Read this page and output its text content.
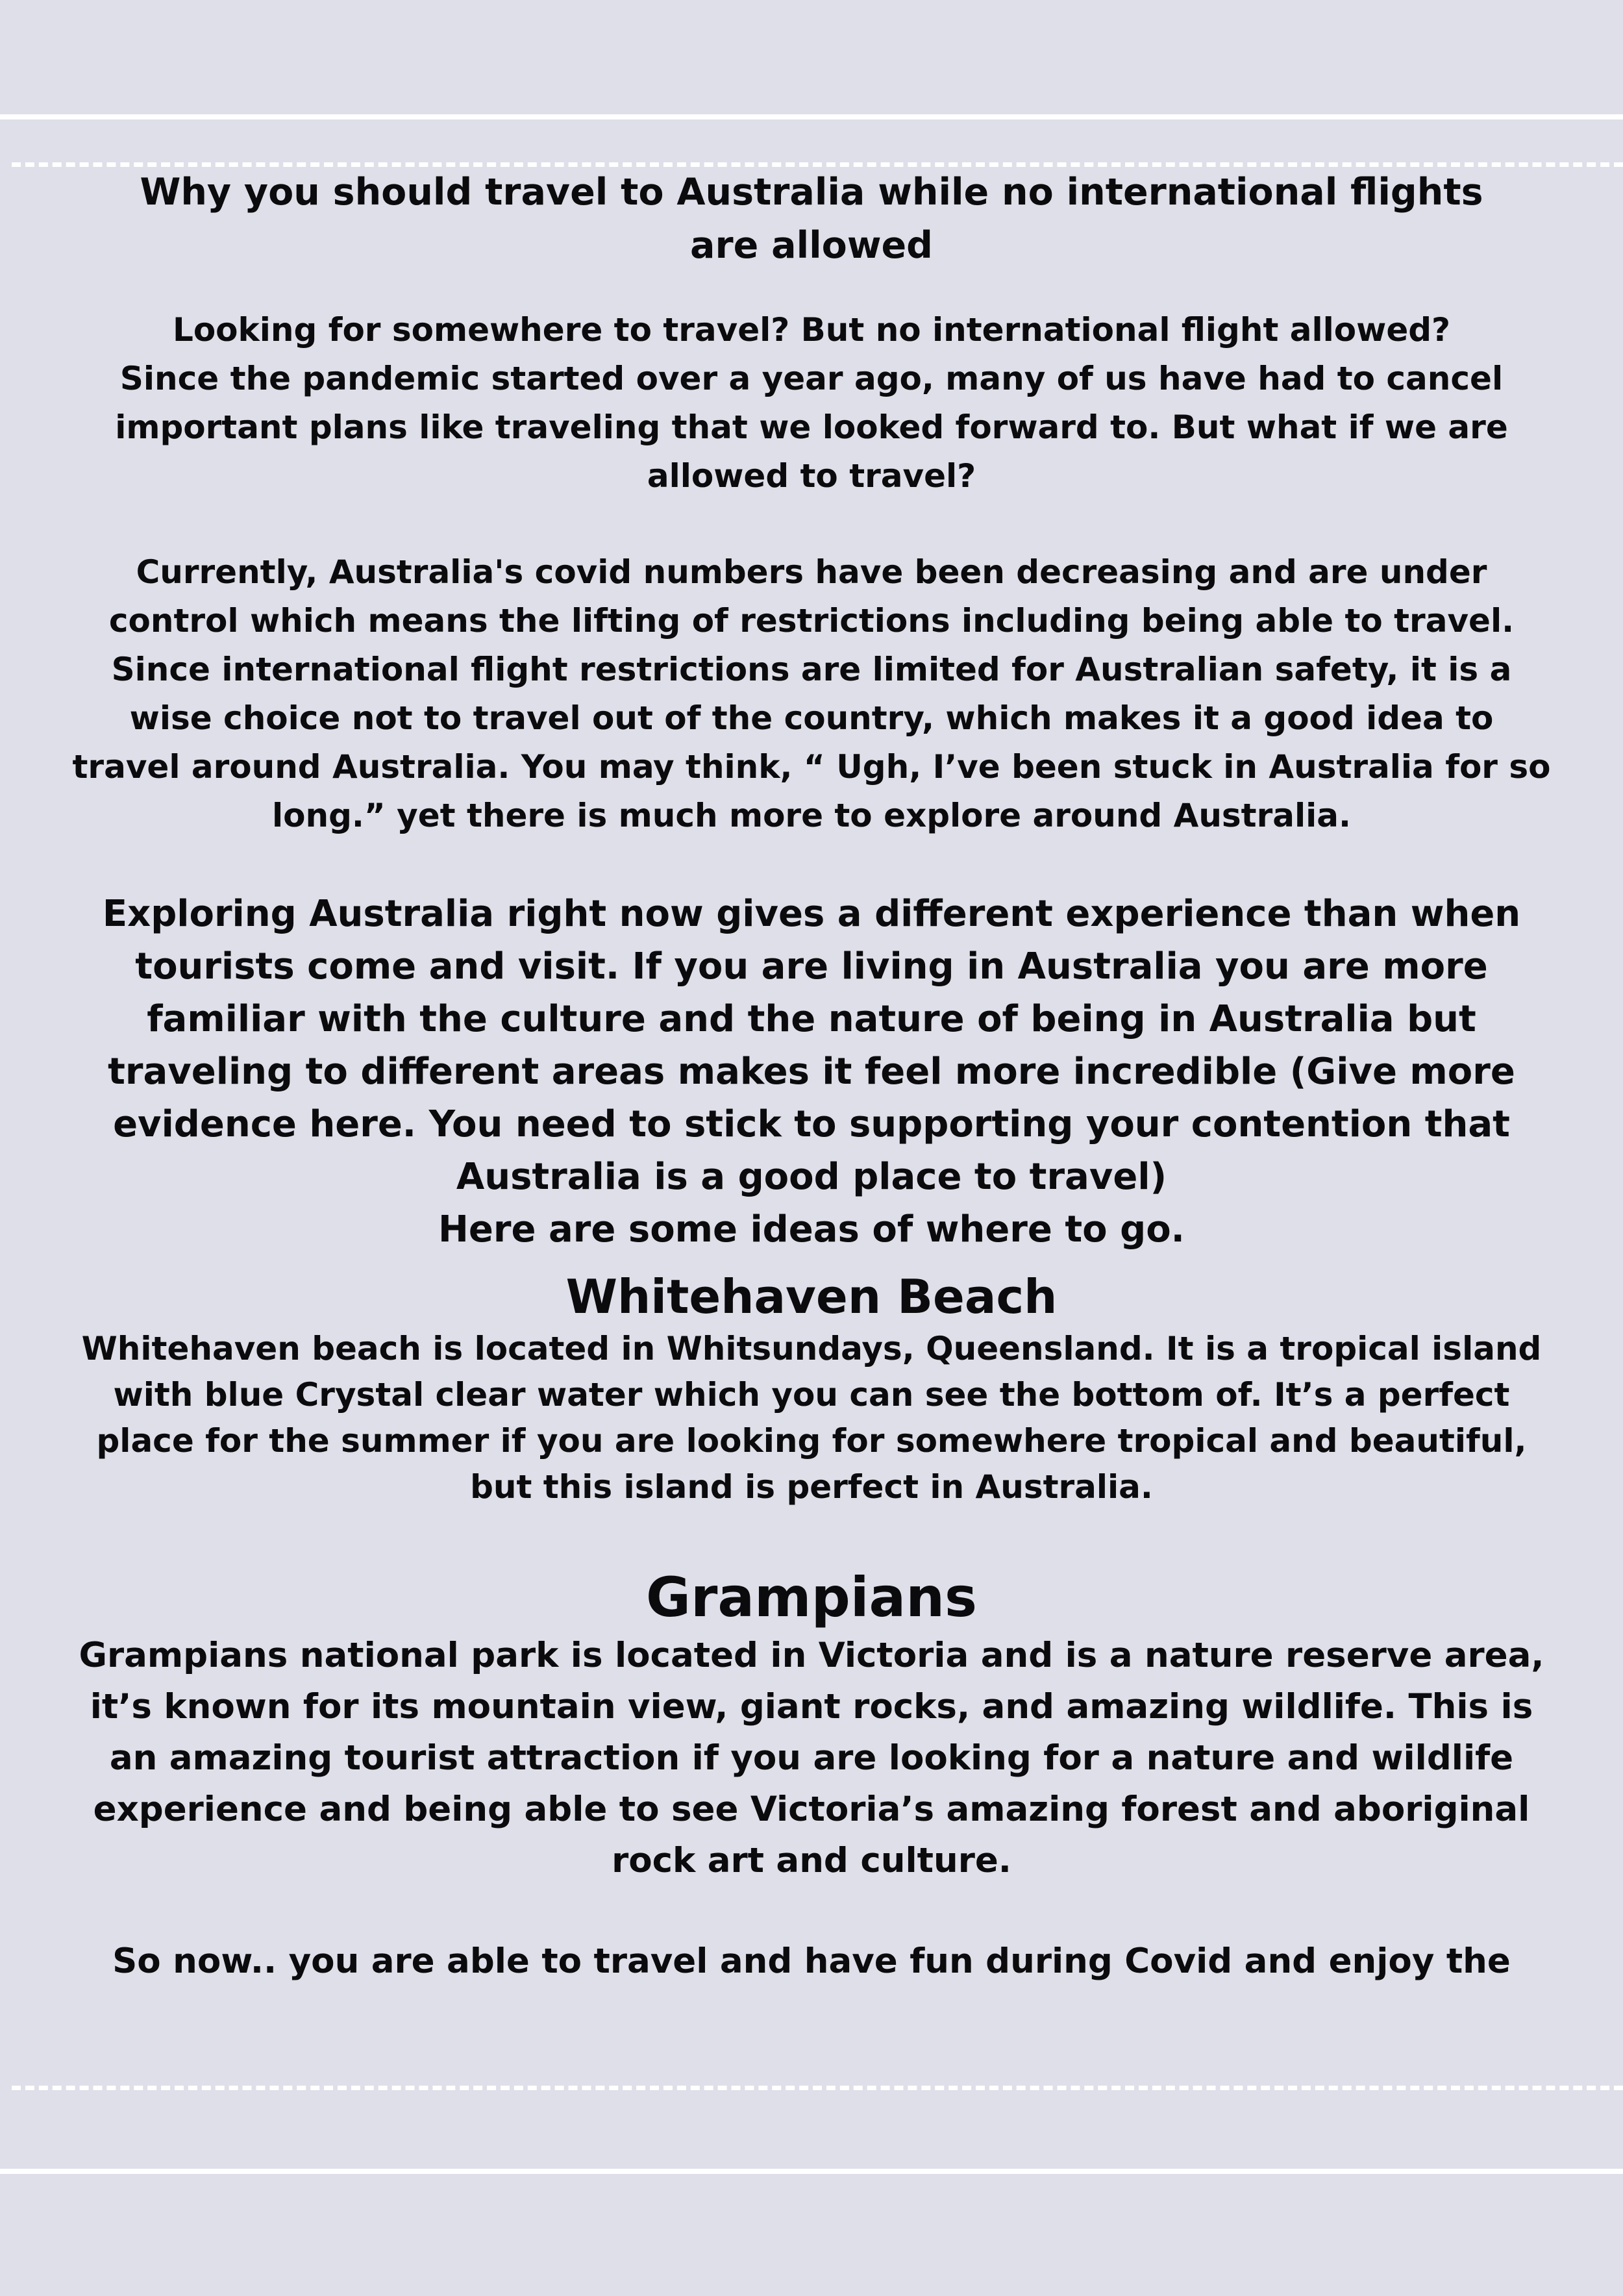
Why you should travel to Australia while no international flights are allowed

Looking for somewhere to travel? But no international flight allowed?

Since the pandemic started over a year ago, many of us have had to cancel important plans like traveling that we looked forward to. But what if we are allowed to travel?

Currently, Australia's covid numbers have been decreasing and are under control which means the lifting of restrictions including being able to travel. Since international flight restrictions are limited for Australian safety, it is a wise choice not to travel out of the country, which makes it a good idea to travel around Australia. You may think, “ Ugh, I’ve been stuck in Australia for so long.” yet there is much more to explore around Australia.

Exploring Australia right now gives a different experience than when tourists come and visit. If you are living in Australia you are more familiar with the culture and the nature of being in Australia but traveling to different areas makes it feel more incredible (Give more evidence here. You need to stick to supporting your contention that Australia is a good place to travel)

Here are some ideas of where to go.

Whitehaven Beach

Whitehaven beach is located in Whitsundays, Queensland. It is a tropical island with blue Crystal clear water which you can see the bottom of. It’s a perfect place for the summer if you are looking for somewhere tropical and beautiful, but this island is perfect in Australia.

Grampians

Grampians national park is located in Victoria and is a nature reserve area, it’s known for its mountain view, giant rocks, and amazing wildlife. This is an amazing tourist attraction if you are looking for a nature and wildlife experience and being able to see Victoria’s amazing forest and aboriginal rock art and culture.

So now.. you are able to travel and have fun during Covid and enjoy the
